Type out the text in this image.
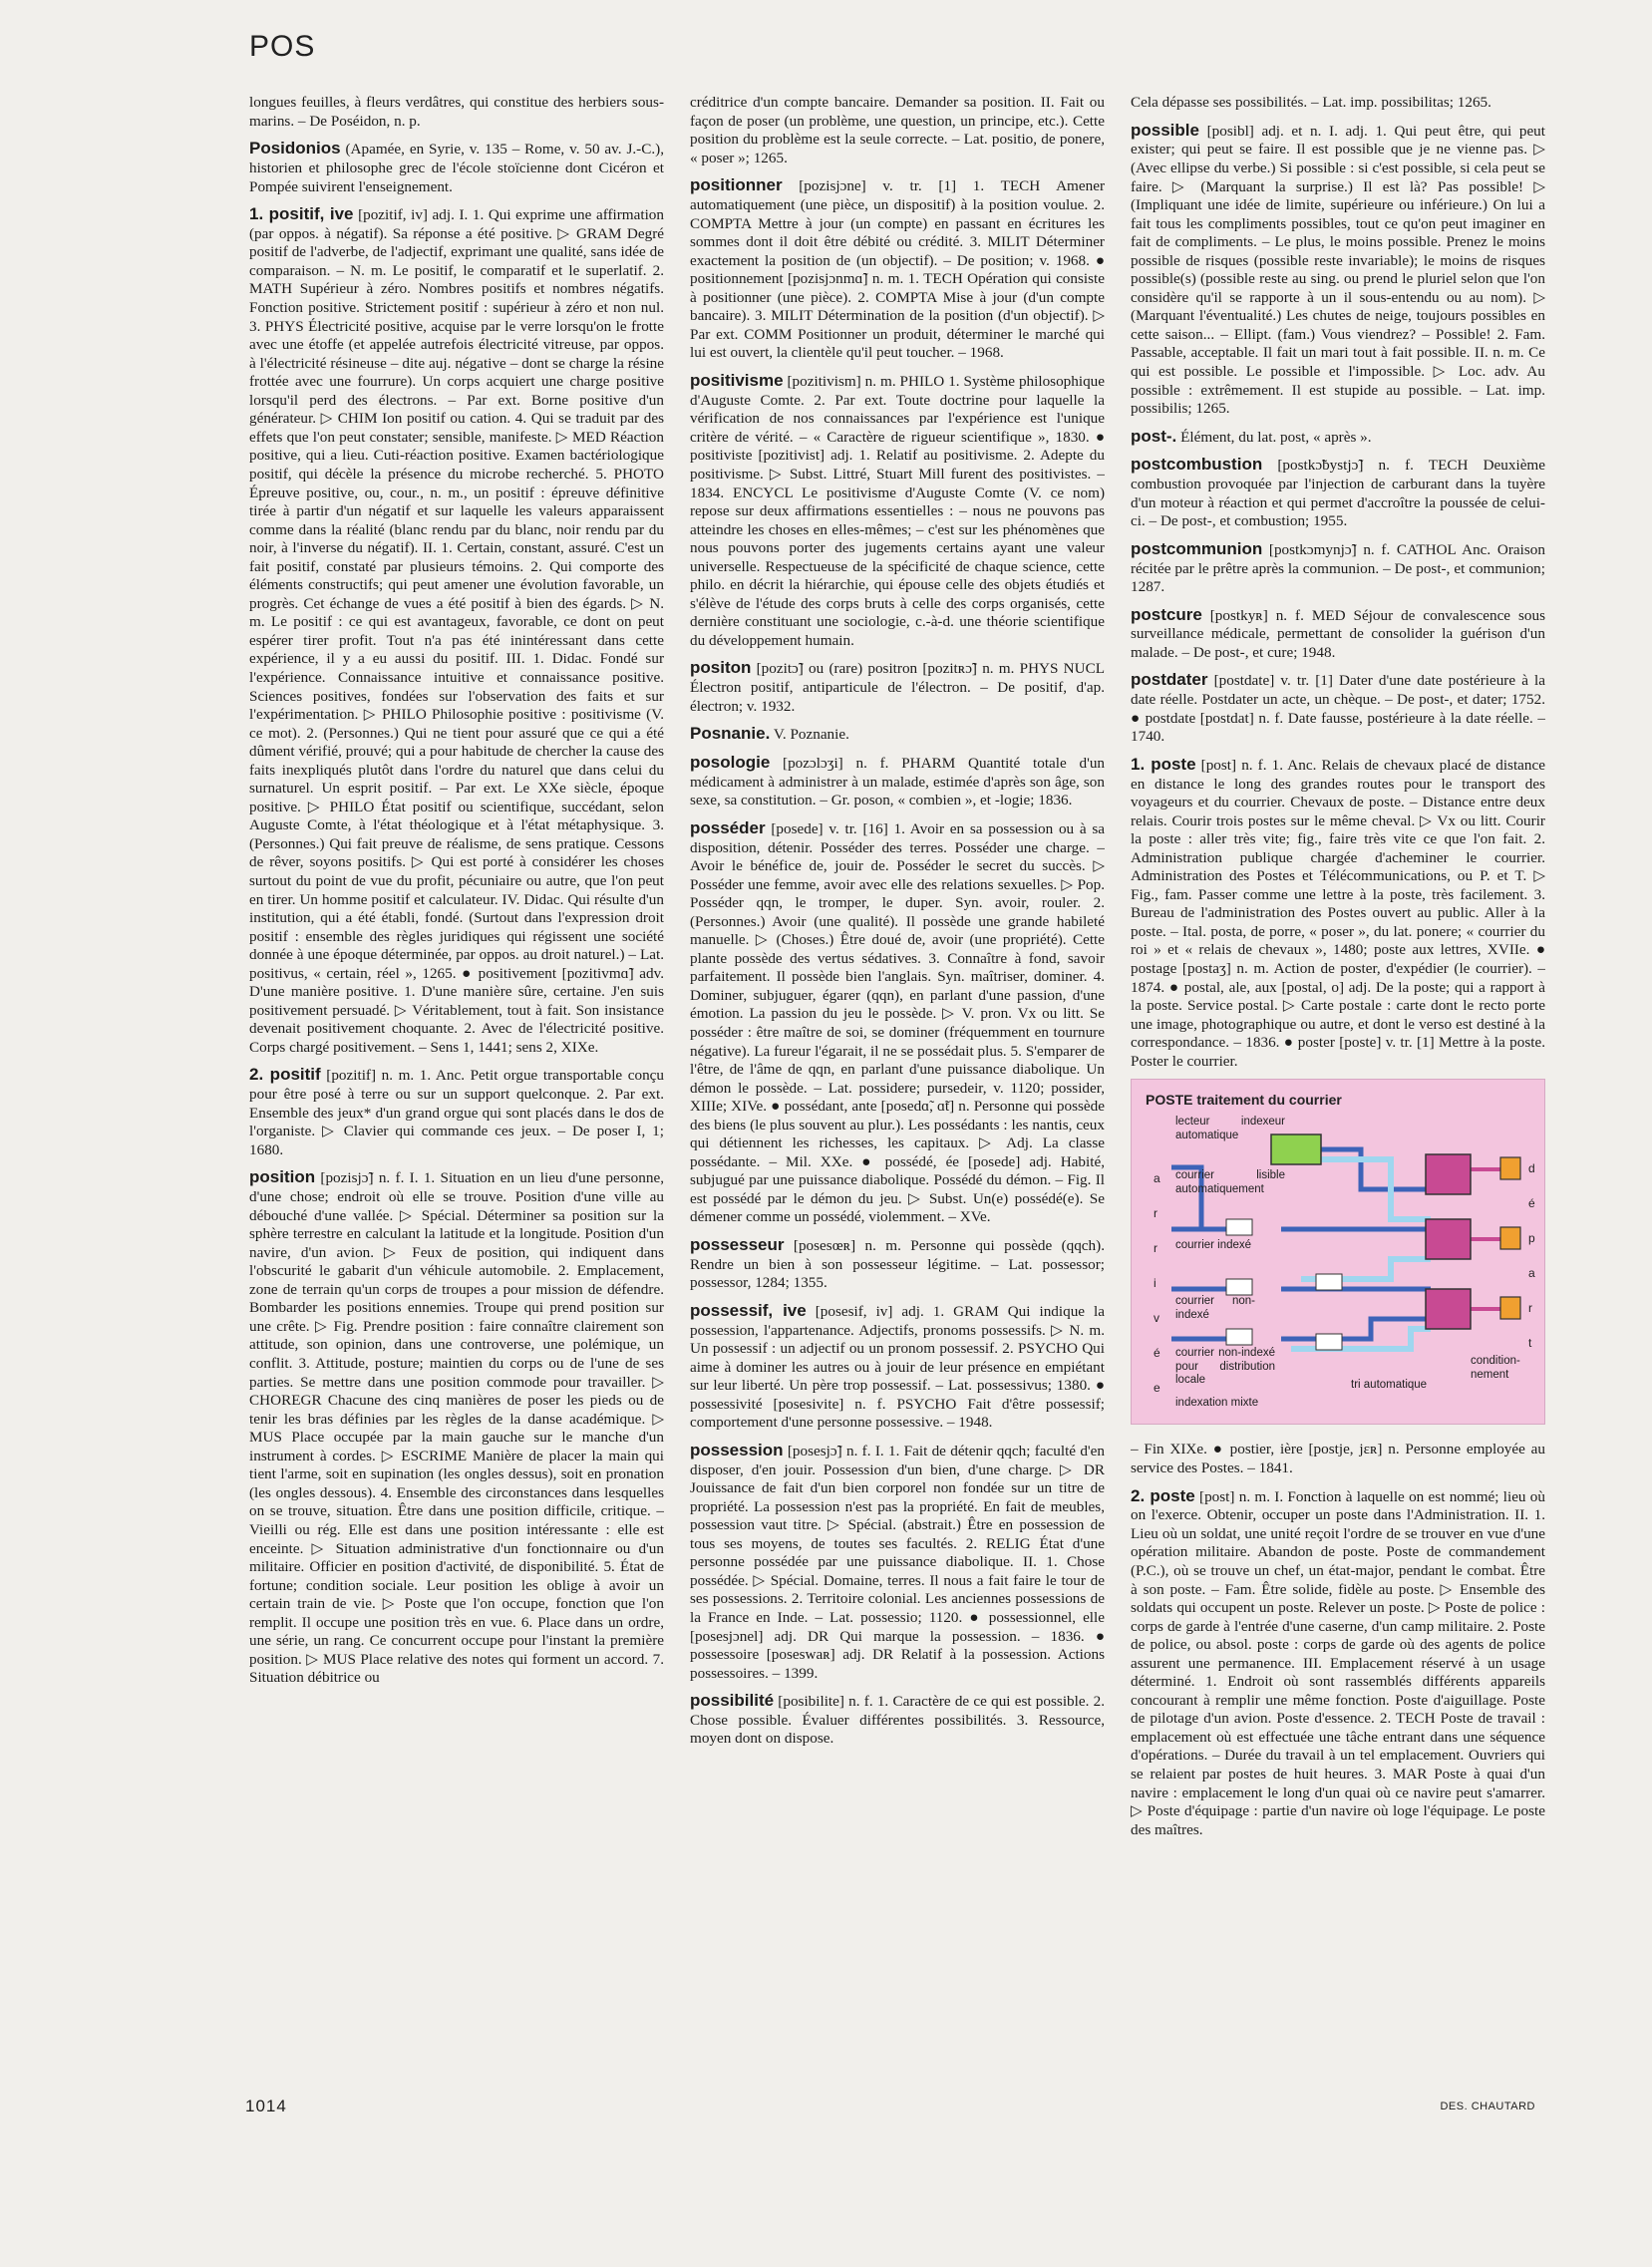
POS

longues feuilles, à fleurs verdâtres, qui constitue des herbiers sous-marins. – De Poséidon, n. p.

Posidonios (Apamée, en Syrie, v. 135 – Rome, v. 50 av. J.-C.), historien et philosophe grec de l'école stoïcienne dont Cicéron et Pompée suivirent l'enseignement.

1. positif, ive [pozitif, iv] adj. I. 1. Qui exprime une affirmation (par oppos. à négatif). Sa réponse a été positive. ▷ GRAM Degré positif de l'adverbe, de l'adjectif, exprimant une qualité, sans idée de comparaison. – N. m. Le positif, le comparatif et le superlatif. 2. MATH Supérieur à zéro. Nombres positifs et nombres négatifs. Fonction positive. Strictement positif : supérieur à zéro et non nul. 3. PHYS Électricité positive, acquise par le verre lorsqu'on le frotte avec une étoffe (et appelée autrefois électricité vitreuse, par oppos. à l'électricité résineuse – dite auj. négative – dont se charge la résine frottée avec une fourrure). Un corps acquiert une charge positive lorsqu'il perd des électrons. – Par ext. Borne positive d'un générateur. ▷ CHIM Ion positif ou cation. 4. Qui se traduit par des effets que l'on peut constater; sensible, manifeste. ▷ MED Réaction positive, qui a lieu. Cuti-réaction positive. Examen bactériologique positif, qui décèle la présence du microbe recherché. 5. PHOTO Épreuve positive, ou, cour., n. m., un positif : épreuve définitive tirée à partir d'un négatif et sur laquelle les valeurs apparaissent comme dans la réalité (blanc rendu par du blanc, noir rendu par du noir, à l'inverse du négatif). II. 1. Certain, constant, assuré. C'est un fait positif, constaté par plusieurs témoins. 2. Qui comporte des éléments constructifs; qui peut amener une évolution favorable, un progrès. Cet échange de vues a été positif à bien des égards. ▷ N. m. Le positif : ce qui est avantageux, favorable, ce dont on peut espérer tirer profit. Tout n'a pas été inintéressant dans cette expérience, il y a eu aussi du positif. III. 1. Didac. Fondé sur l'expérience. Connaissance intuitive et connaissance positive. Sciences positives, fondées sur l'observation des faits et sur l'expérimentation. ▷ PHILO Philosophie positive : positivisme (V. ce mot). 2. (Personnes.) Qui ne tient pour assuré que ce qui a été dûment vérifié, prouvé; qui a pour habitude de chercher la cause des faits inexpliqués plutôt dans l'ordre du naturel que dans celui du surnaturel. Un esprit positif. – Par ext. Le XXe siècle, époque positive. ▷ PHILO État positif ou scientifique, succédant, selon Auguste Comte, à l'état théologique et à l'état métaphysique. 3. (Personnes.) Qui fait preuve de réalisme, de sens pratique. Cessons de rêver, soyons positifs. ▷ Qui est porté à considérer les choses surtout du point de vue du profit, pécuniaire ou autre, que l'on peut en tirer. Un homme positif et calculateur. IV. Didac. Qui résulte d'un institution, qui a été établi, fondé. (Surtout dans l'expression droit positif : ensemble des règles juridiques qui régissent une société donnée à une époque déterminée, par oppos. au droit naturel.) – Lat. positivus, « certain, réel », 1265. ● positivement [pozitivmɑ̃] adv. D'une manière positive. 1. D'une manière sûre, certaine. J'en suis positivement persuadé. ▷ Véritablement, tout à fait. Son insistance devenait positivement choquante. 2. Avec de l'électricité positive. Corps chargé positivement. – Sens 1, 1441; sens 2, XIXe.

2. positif [pozitif] n. m. 1. Anc. Petit orgue transportable conçu pour être posé à terre ou sur un support quelconque. 2. Par ext. Ensemble des jeux* d'un grand orgue qui sont placés dans le dos de l'organiste. ▷ Clavier qui commande ces jeux. – De poser I, 1; 1680.

position [pozisjɔ̃] n. f. I. 1. Situation en un lieu d'une personne, d'une chose; endroit où elle se trouve. Position d'une ville au débouché d'une vallée. ▷ Spécial. Déterminer sa position sur la sphère terrestre en calculant la latitude et la longitude. Position d'un navire, d'un avion. ▷ Feux de position, qui indiquent dans l'obscurité le gabarit d'un véhicule automobile. 2. Emplacement, zone de terrain qu'un corps de troupes a pour mission de défendre. Bombarder les positions ennemies. Troupe qui prend position sur une crête. ▷ Fig. Prendre position : faire connaître clairement son attitude, son opinion, dans une controverse, une polémique, un conflit. 3. Attitude, posture; maintien du corps ou de l'une de ses parties. Se mettre dans une position commode pour travailler. ▷ CHOREGR Chacune des cinq manières de poser les pieds ou de tenir les bras définies par les règles de la danse académique. ▷ MUS Place occupée par la main gauche sur le manche d'un instrument à cordes. ▷ ESCRIME Manière de placer la main qui tient l'arme, soit en supination (les ongles dessus), soit en pronation (les ongles dessous). 4. Ensemble des circonstances dans lesquelles on se trouve, situation. Être dans une position difficile, critique. – Vieilli ou rég. Elle est dans une position intéressante : elle est enceinte. ▷ Situation administrative d'un fonctionnaire ou d'un militaire. Officier en position d'activité, de disponibilité. 5. État de fortune; condition sociale. Leur position les oblige à avoir un certain train de vie. ▷ Poste que l'on occupe, fonction que l'on remplit. Il occupe une position très en vue. 6. Place dans un ordre, une série, un rang. Ce concurrent occupe pour l'instant la première position. ▷ MUS Place relative des notes qui forment un accord. 7. Situation débitrice ou

créditrice d'un compte bancaire. Demander sa position. II. Fait ou façon de poser (un problème, une question, un principe, etc.). Cette position du problème est la seule correcte. – Lat. positio, de ponere, « poser »; 1265.

positionner [pozisjɔne] v. tr. [1] 1. TECH Amener automatiquement (une pièce, un dispositif) à la position voulue. 2. COMPTA Mettre à jour (un compte) en passant en écritures les sommes dont il doit être débité ou crédité. 3. MILIT Déterminer exactement la position de (un objectif). – De position; v. 1968. ● positionnement [pozisjɔnmɑ̃] n. m. 1. TECH Opération qui consiste à positionner (une pièce). 2. COMPTA Mise à jour (d'un compte bancaire). 3. MILIT Détermination de la position (d'un objectif). ▷ Par ext. COMM Positionner un produit, déterminer le marché qui lui est ouvert, la clientèle qu'il peut toucher. – 1968.

positivisme [pozitivism] n. m. PHILO 1. Système philosophique d'Auguste Comte. 2. Par ext. Toute doctrine pour laquelle la vérification de nos connaissances par l'expérience est l'unique critère de vérité. – « Caractère de rigueur scientifique », 1830. ● positiviste [pozitivist] adj. 1. Relatif au positivisme. 2. Adepte du positivisme. ▷ Subst. Littré, Stuart Mill furent des positivistes. – 1834. ENCYCL Le positivisme d'Auguste Comte (V. ce nom) repose sur deux affirmations essentielles : – nous ne pouvons pas atteindre les choses en elles-mêmes; – c'est sur les phénomènes que nous pouvons porter des jugements certains ayant une valeur universelle. Respectueuse de la spécificité de chaque science, cette philo. en décrit la hiérarchie, qui épouse celle des objets étudiés et s'élève de l'étude des corps bruts à celle des corps organisés, cette dernière constituant une sociologie, c.-à-d. une théorie scientifique du développement humain.

positon [pozitɔ̃] ou (rare) positron [pozitʀɔ̃] n. m. PHYS NUCL Électron positif, antiparticule de l'électron. – De positif, d'ap. électron; v. 1932.

Posnanie. V. Poznanie.

posologie [pozɔlɔʒi] n. f. PHARM Quantité totale d'un médicament à administrer à un malade, estimée d'après son âge, son sexe, sa constitution. – Gr. poson, « combien », et -logie; 1836.

posséder [posede] v. tr. [16] 1. Avoir en sa possession ou à sa disposition, détenir. Posséder des terres. Posséder une charge. – Avoir le bénéfice de, jouir de. Posséder le secret du succès. ▷ Posséder une femme, avoir avec elle des relations sexuelles. ▷ Pop. Posséder qqn, le tromper, le duper. Syn. avoir, rouler. 2. (Personnes.) Avoir (une qualité). Il possède une grande habileté manuelle. ▷ (Choses.) Être doué de, avoir (une propriété). Cette plante possède des vertus sédatives. 3. Connaître à fond, savoir parfaitement. Il possède bien l'anglais. Syn. maîtriser, dominer. 4. Dominer, subjuguer, égarer (qqn), en parlant d'une passion, d'une émotion. La passion du jeu le possède. ▷ V. pron. Vx ou litt. Se posséder : être maître de soi, se dominer (fréquemment en tournure négative). La fureur l'égarait, il ne se possédait plus. 5. S'emparer de l'être, de l'âme de qqn, en parlant d'une puissance diabolique. Un démon le possède. – Lat. possidere; pursedeir, v. 1120; possider, XIIIe; XIVe. ● possédant, ante [posedɑ̃, ɑ̃t] n. Personne qui possède des biens (le plus souvent au plur.). Les possédants : les nantis, ceux qui détiennent les richesses, les capitaux. ▷ Adj. La classe possédante. – Mil. XXe. ● possédé, ée [posede] adj. Habité, subjugué par une puissance diabolique. Possédé du démon. – Fig. Il est possédé par le démon du jeu. ▷ Subst. Un(e) possédé(e). Se démener comme un possédé, violemment. – XVe.

possesseur [posesœʀ] n. m. Personne qui possède (qqch). Rendre un bien à son possesseur légitime. – Lat. possessor; possessor, 1284; 1355.

possessif, ive [posesif, iv] adj. 1. GRAM Qui indique la possession, l'appartenance. Adjectifs, pronoms possessifs. ▷ N. m. Un possessif : un adjectif ou un pronom possessif. 2. PSYCHO Qui aime à dominer les autres ou à jouir de leur présence en empiétant sur leur liberté. Un père trop possessif. – Lat. possessivus; 1380. ● possessivité [posesivite] n. f. PSYCHO Fait d'être possessif; comportement d'une personne possessive. – 1948.

possession [posesjɔ̃] n. f. I. 1. Fait de détenir qqch; faculté d'en disposer, d'en jouir. Possession d'un bien, d'une charge. ▷ DR Jouissance de fait d'un bien corporel non fondée sur un titre de propriété. La possession n'est pas la propriété. En fait de meubles, possession vaut titre. ▷ Spécial. (abstrait.) Être en possession de tous ses moyens, de toutes ses facultés. 2. RELIG État d'une personne possédée par une puissance diabolique. II. 1. Chose possédée. ▷ Spécial. Domaine, terres. Il nous a fait faire le tour de ses possessions. 2. Territoire colonial. Les anciennes possessions de la France en Inde. – Lat. possessio; 1120. ● possessionnel, elle [posesjɔnel] adj. DR Qui marque la possession. – 1836. ● possessoire [poseswaʀ] adj. DR Relatif à la possession. Actions possessoires. – 1399.

possibilité [posibilite] n. f. 1. Caractère de ce qui est possible. 2. Chose possible. Évaluer différentes possibilités. 3. Ressource, moyen dont on dispose.

Cela dépasse ses possibilités. – Lat. imp. possibilitas; 1265.

possible [posibl] adj. et n. I. adj. 1. Qui peut être, qui peut exister; qui peut se faire. Il est possible que je ne vienne pas. ▷ (Avec ellipse du verbe.) Si possible : si c'est possible, si cela peut se faire. ▷ (Marquant la surprise.) Il est là? Pas possible! ▷ (Impliquant une idée de limite, supérieure ou inférieure.) On lui a fait tous les compliments possibles, tout ce qu'on peut imaginer en fait de compliments. – Le plus, le moins possible. Prenez le moins possible de risques (possible reste invariable); le moins de risques possible(s) (possible reste au sing. ou prend le pluriel selon que l'on considère qu'il se rapporte à un il sous-entendu ou au nom). ▷ (Marquant l'éventualité.) Les chutes de neige, toujours possibles en cette saison... – Ellipt. (fam.) Vous viendrez? – Possible! 2. Fam. Passable, acceptable. Il fait un mari tout à fait possible. II. n. m. Ce qui est possible. Le possible et l'impossible. ▷ Loc. adv. Au possible : extrêmement. Il est stupide au possible. – Lat. imp. possibilis; 1265.

post-. Élément, du lat. post, « après ».

postcombustion [postkɔ̃bystjɔ̃] n. f. TECH Deuxième combustion provoquée par l'injection de carburant dans la tuyère d'un moteur à réaction et qui permet d'accroître la poussée de celui-ci. – De post-, et combustion; 1955.

postcommunion [postkɔmynjɔ̃] n. f. CATHOL Anc. Oraison récitée par le prêtre après la communion. – De post-, et communion; 1287.

postcure [postkyʀ] n. f. MED Séjour de convalescence sous surveillance médicale, permettant de consolider la guérison d'un malade. – De post-, et cure; 1948.

postdater [postdate] v. tr. [1] Dater d'une date postérieure à la date réelle. Postdater un acte, un chèque. – De post-, et dater; 1752. ● postdate [postdat] n. f. Date fausse, postérieure à la date réelle. – 1740.

1. poste [post] n. f. 1. Anc. Relais de chevaux placé de distance en distance le long des grandes routes pour le transport des voyageurs et du courrier. Chevaux de poste. – Distance entre deux relais. Courir trois postes sur le même cheval. ▷ Vx ou litt. Courir la poste : aller très vite; fig., faire très vite ce que l'on fait. 2. Administration publique chargée d'acheminer le courrier. Administration des Postes et Télécommunications, ou P. et T. ▷ Fig., fam. Passer comme une lettre à la poste, très facilement. 3. Bureau de l'administration des Postes ouvert au public. Aller à la poste. – Ital. posta, de porre, « poser », du lat. ponere; « courrier du roi » et « relais de chevaux », 1480; poste aux lettres, XVIIe. ● postage [postaʒ] n. m. Action de poster, d'expédier (le courrier). – 1874. ● postal, ale, aux [postal, o] adj. De la poste; qui a rapport à la poste. Service postal. ▷ Carte postale : carte dont le recto porte une image, photographique ou autre, et dont le verso est destiné à la correspondance. – 1836. ● poster [poste] v. tr. [1] Mettre à la poste. Poster le courrier.

POSTE traitement du courrier
lecteur indexeur automatique
courrier lisible automatiquement
courrier indexé
courrier non-indexé
courrier non-indexé pour distribution locale
indexation mixte
tri automatique
condition-nement
a
r
r
i
v
é
e
d
é
p
a
r
t

– Fin XIXe. ● postier, ière [postje, jɛʀ] n. Personne employée au service des Postes. – 1841.

2. poste [post] n. m. I. Fonction à laquelle on est nommé; lieu où on l'exerce. Obtenir, occuper un poste dans l'Administration. II. 1. Lieu où un soldat, une unité reçoit l'ordre de se trouver en vue d'une opération militaire. Abandon de poste. Poste de commandement (P.C.), où se trouve un chef, un état-major, pendant le combat. Être à son poste. – Fam. Être solide, fidèle au poste. ▷ Ensemble des soldats qui occupent un poste. Relever un poste. ▷ Poste de police : corps de garde à l'entrée d'une caserne, d'un camp militaire. 2. Poste de police, ou absol. poste : corps de garde où des agents de police assurent une permanence. III. Emplacement réservé à un usage déterminé. 1. Endroit où sont rassemblés différents appareils concourant à remplir une même fonction. Poste d'aiguillage. Poste de pilotage d'un avion. Poste d'essence. 2. TECH Poste de travail : emplacement où est effectuée une tâche entrant dans une séquence d'opérations. – Durée du travail à un tel emplacement. Ouvriers qui se relaient par postes de huit heures. 3. MAR Poste à quai d'un navire : emplacement le long d'un quai où ce navire peut s'amarrer. ▷ Poste d'équipage : partie d'un navire où loge l'équipage. Le poste des maîtres.

1014	DES. CHAUTARD
